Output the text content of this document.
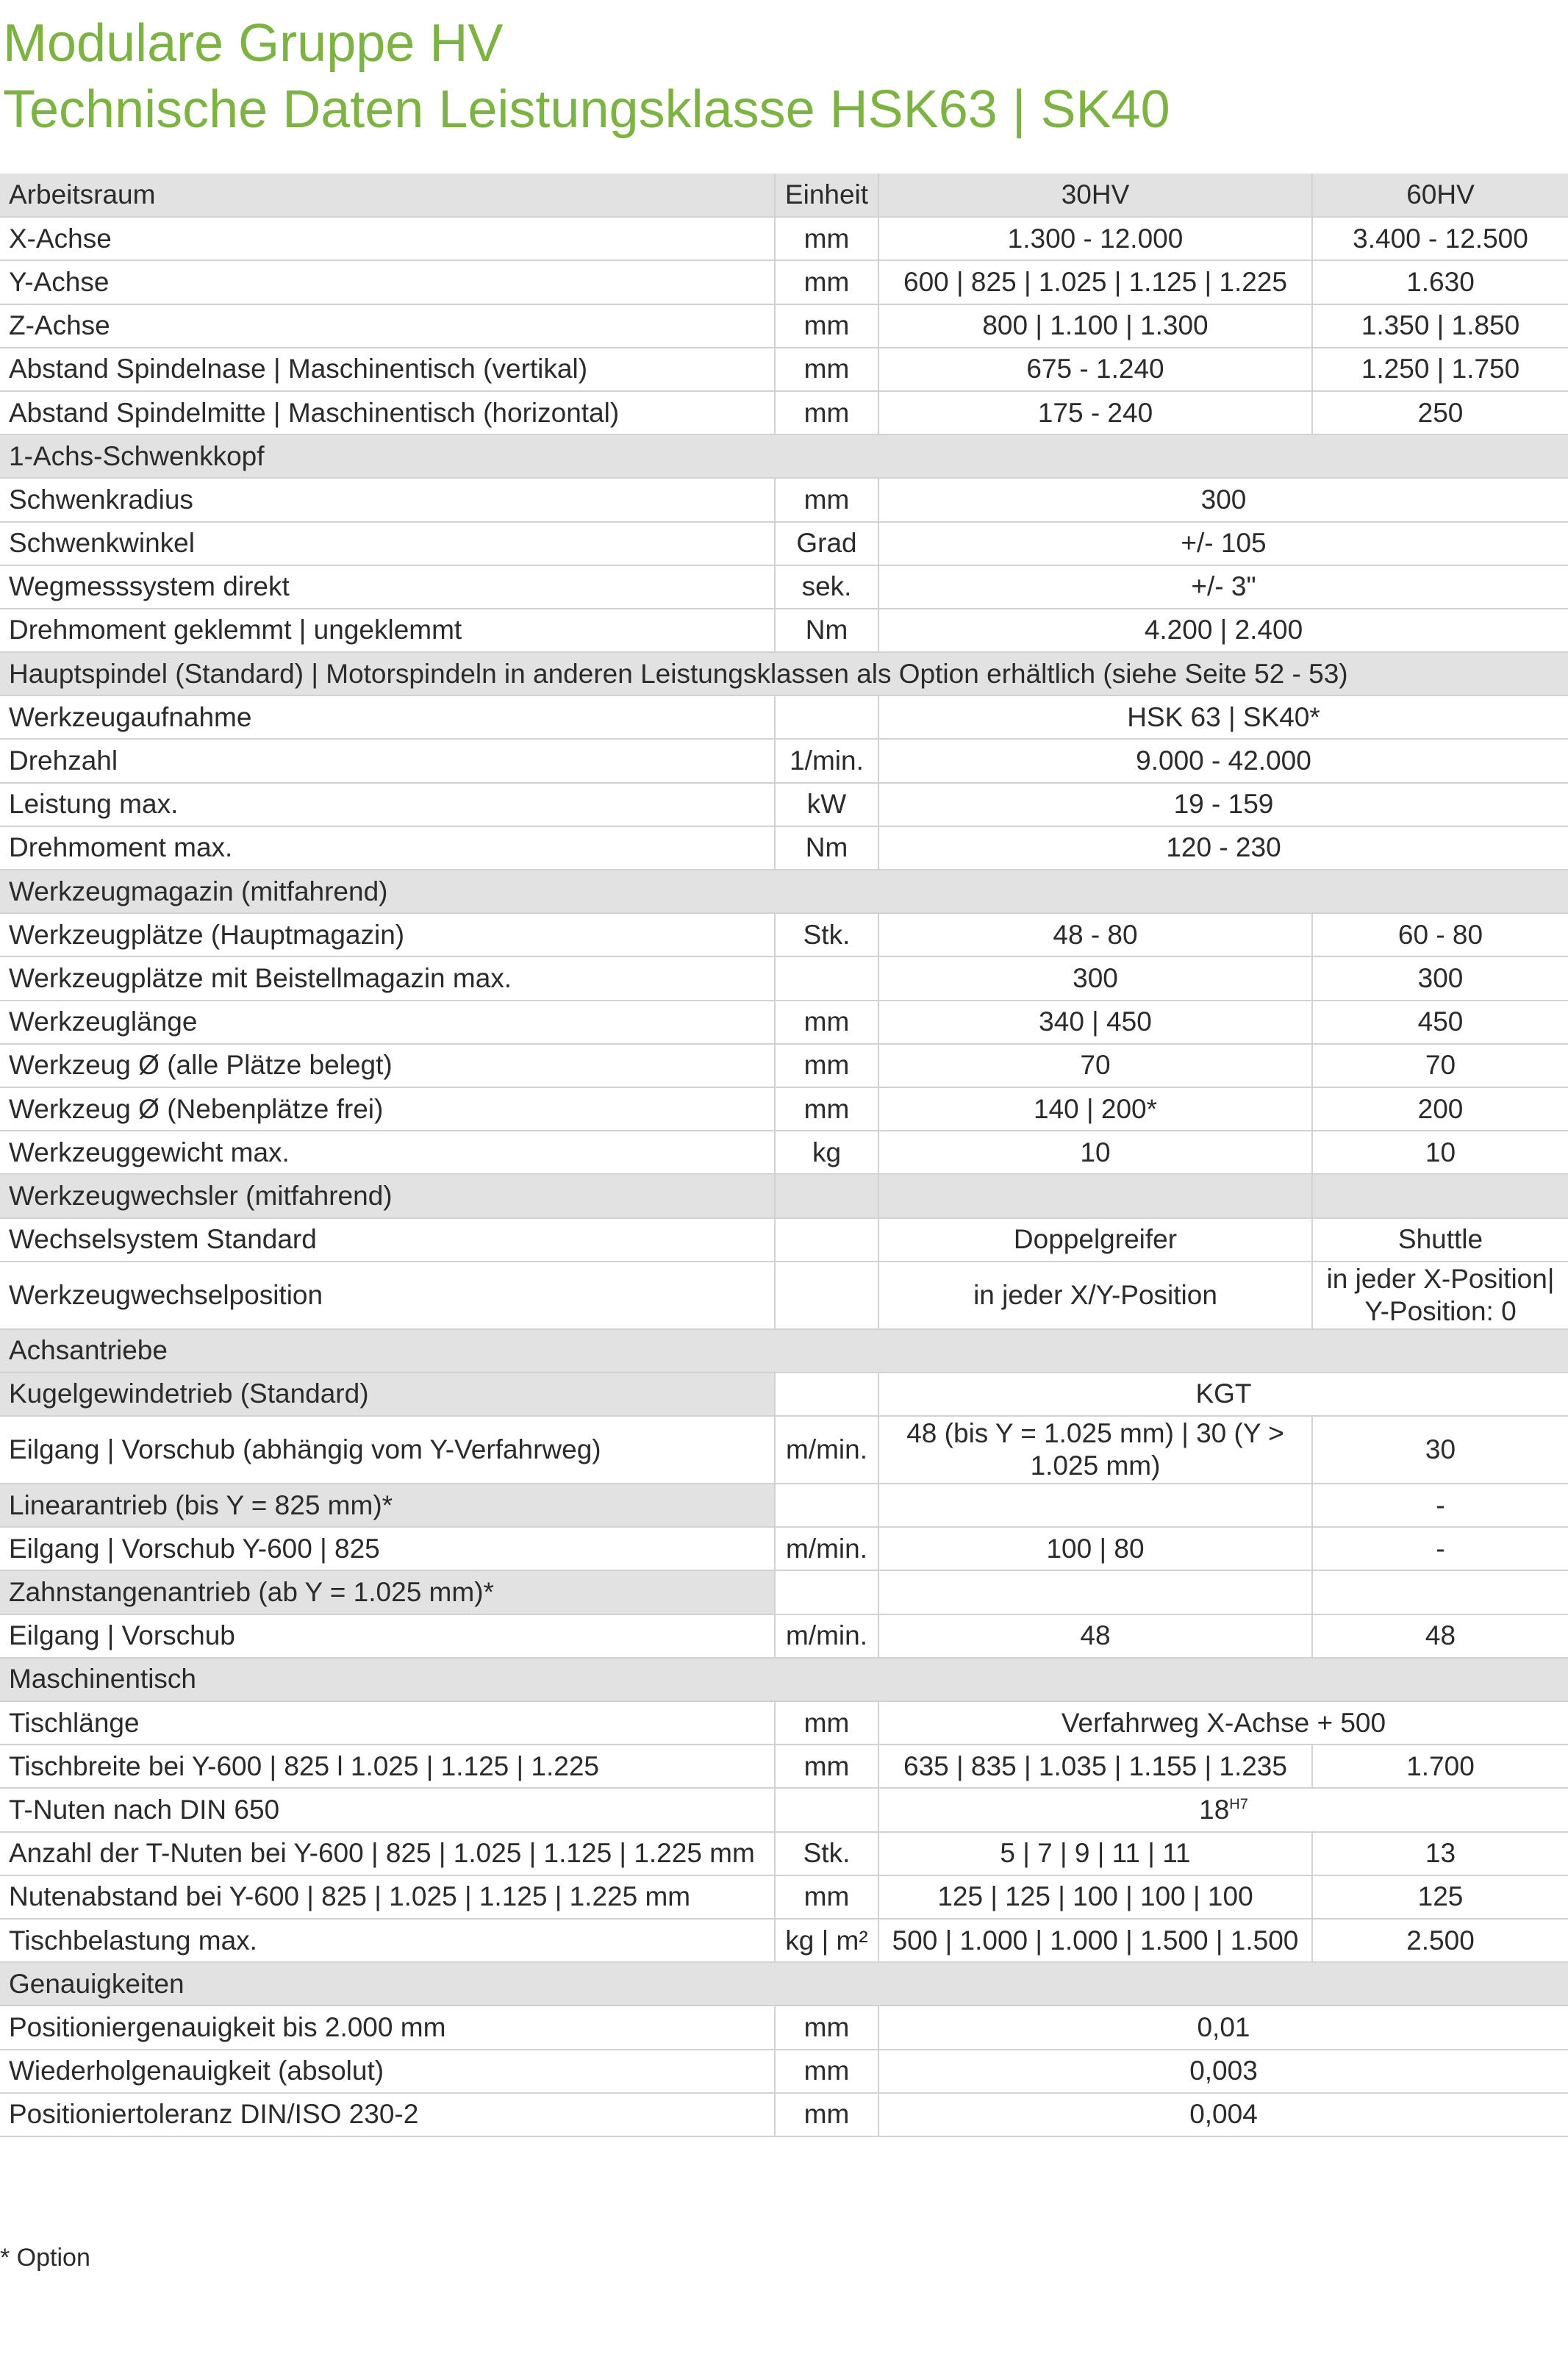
Modulare Gruppe HV
Technische Daten Leistungsklasse HSK63 | SK40
Arbeitsraum	Einheit	30HV	60HV
X-Achse	mm	1.300 - 12.000	3.400 - 12.500
Y-Achse	mm	600 | 825 | 1.025 | 1.125 | 1.225	1.630
Z-Achse	mm	800 | 1.100 | 1.300	1.350 | 1.850
Abstand Spindelnase | Maschinentisch (vertikal)	mm	675 - 1.240	1.250 | 1.750
Abstand Spindelmitte | Maschinentisch (horizontal)	mm	175 - 240	250
1-Achs-Schwenkkopf			
Schwenkradius	mm	300	
Schwenkwinkel	Grad	+/- 105	
Wegmesssystem direkt	sek.	+/- 3"	
Drehmoment geklemmt | ungeklemmt	Nm	4.200 | 2.400	
Hauptspindel (Standard) | Motorspindeln in anderen Leistungsklassen als Option erhältlich (siehe Seite 52 - 53)			
Werkzeugaufnahme		HSK 63 | SK40*	
Drehzahl	1/min.	9.000 - 42.000	
Leistung max.	kW	19 - 159	
Drehmoment max.	Nm	120 - 230	
Werkzeugmagazin (mitfahrend)			
Werkzeugplätze (Hauptmagazin)	Stk.	48 - 80	60 - 80
Werkzeugplätze mit Beistellmagazin max.		300	300
Werkzeuglänge	mm	340 | 450	450
Werkzeug Ø (alle Plätze belegt)	mm	70	70
Werkzeug Ø (Nebenplätze frei)	mm	140 | 200*	200
Werkzeuggewicht max.	kg	10	10
Werkzeugwechsler (mitfahrend)			
Wechselsystem Standard		Doppelgreifer	Shuttle
Werkzeugwechselposition		in jeder X/Y-Position	in jeder X-Position| Y-Position: 0
Achsantriebe			
Kugelgewindetrieb (Standard)		KGT	
Eilgang | Vorschub (abhängig vom Y-Verfahrweg)	m/min.	48 (bis Y = 1.025 mm) | 30 (Y > 1.025 mm)	30
Linearantrieb (bis Y = 825 mm)*			-
Eilgang | Vorschub Y-600 | 825	m/min.	100 | 80	-
Zahnstangenantrieb (ab Y = 1.025 mm)*			
Eilgang | Vorschub	m/min.	48	48
Maschinentisch			
Tischlänge	mm	Verfahrweg X-Achse + 500	
Tischbreite bei Y-600 | 825 l 1.025 | 1.125 | 1.225	mm	635 | 835 | 1.035 | 1.155 | 1.235	1.700
T-Nuten nach DIN 650		$18^{H7}$
Anzahl der T-Nuten bei Y-600 | 825 | 1.025 | 1.125 | 1.225 mm	Stk.	5 | 7 | 9 | 11 | 11	13
Nutenabstand bei Y-600 | 825 | 1.025 | 1.125 | 1.225 mm	mm	125 | 125 | 100 | 100 | 100	125
Tischbelastung max.	kg | m²	500 | 1.000 | 1.000 | 1.500 | 1.500	2.500
Genauigkeiten			
Positioniergenauigkeit bis 2.000 mm	mm	0,01	
Wiederholgenauigkeit (absolut)	mm	0,003	
Positioniertoleranz DIN/ISO 230-2	mm	0,004	
* Option
